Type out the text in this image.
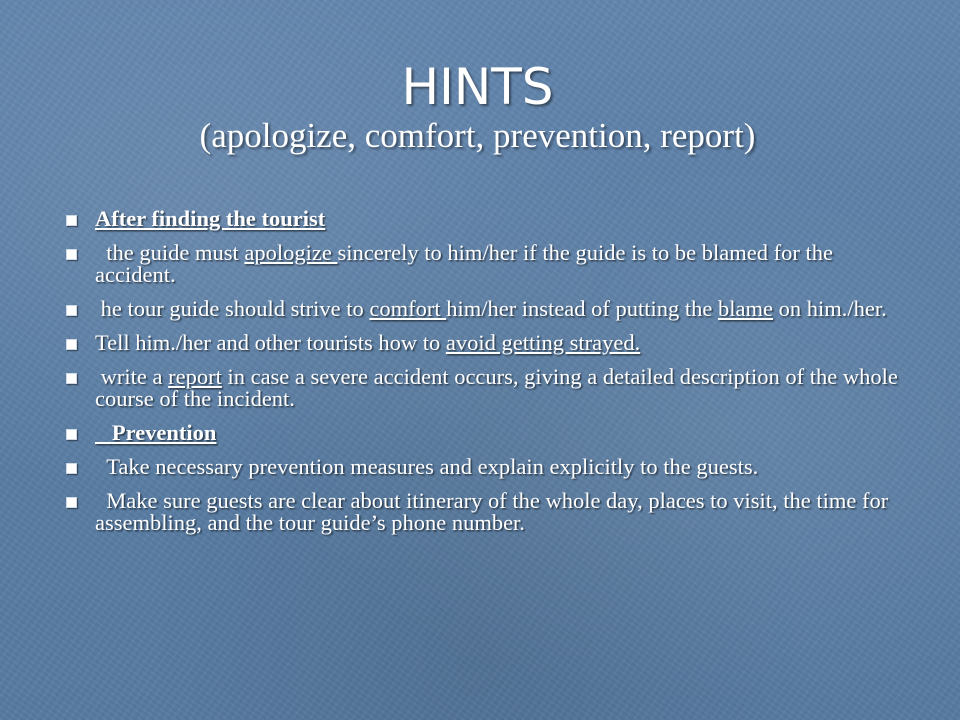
HINTS
(apologize, comfort, prevention, report)
After finding the tourist
the guide must apologize sincerely to him/her if the guide is to be blamed for the accident.
he tour guide should strive to comfort him/her instead of putting the blame on him./her.
Tell him./her and other tourists how to avoid getting strayed.
write a report in case a severe accident occurs, giving a detailed description of the whole course of the incident.
Prevention
Take necessary prevention measures and explain explicitly to the guests.
Make sure guests are clear about itinerary of the whole day, places to visit, the time for assembling, and the tour guide’s phone number.
